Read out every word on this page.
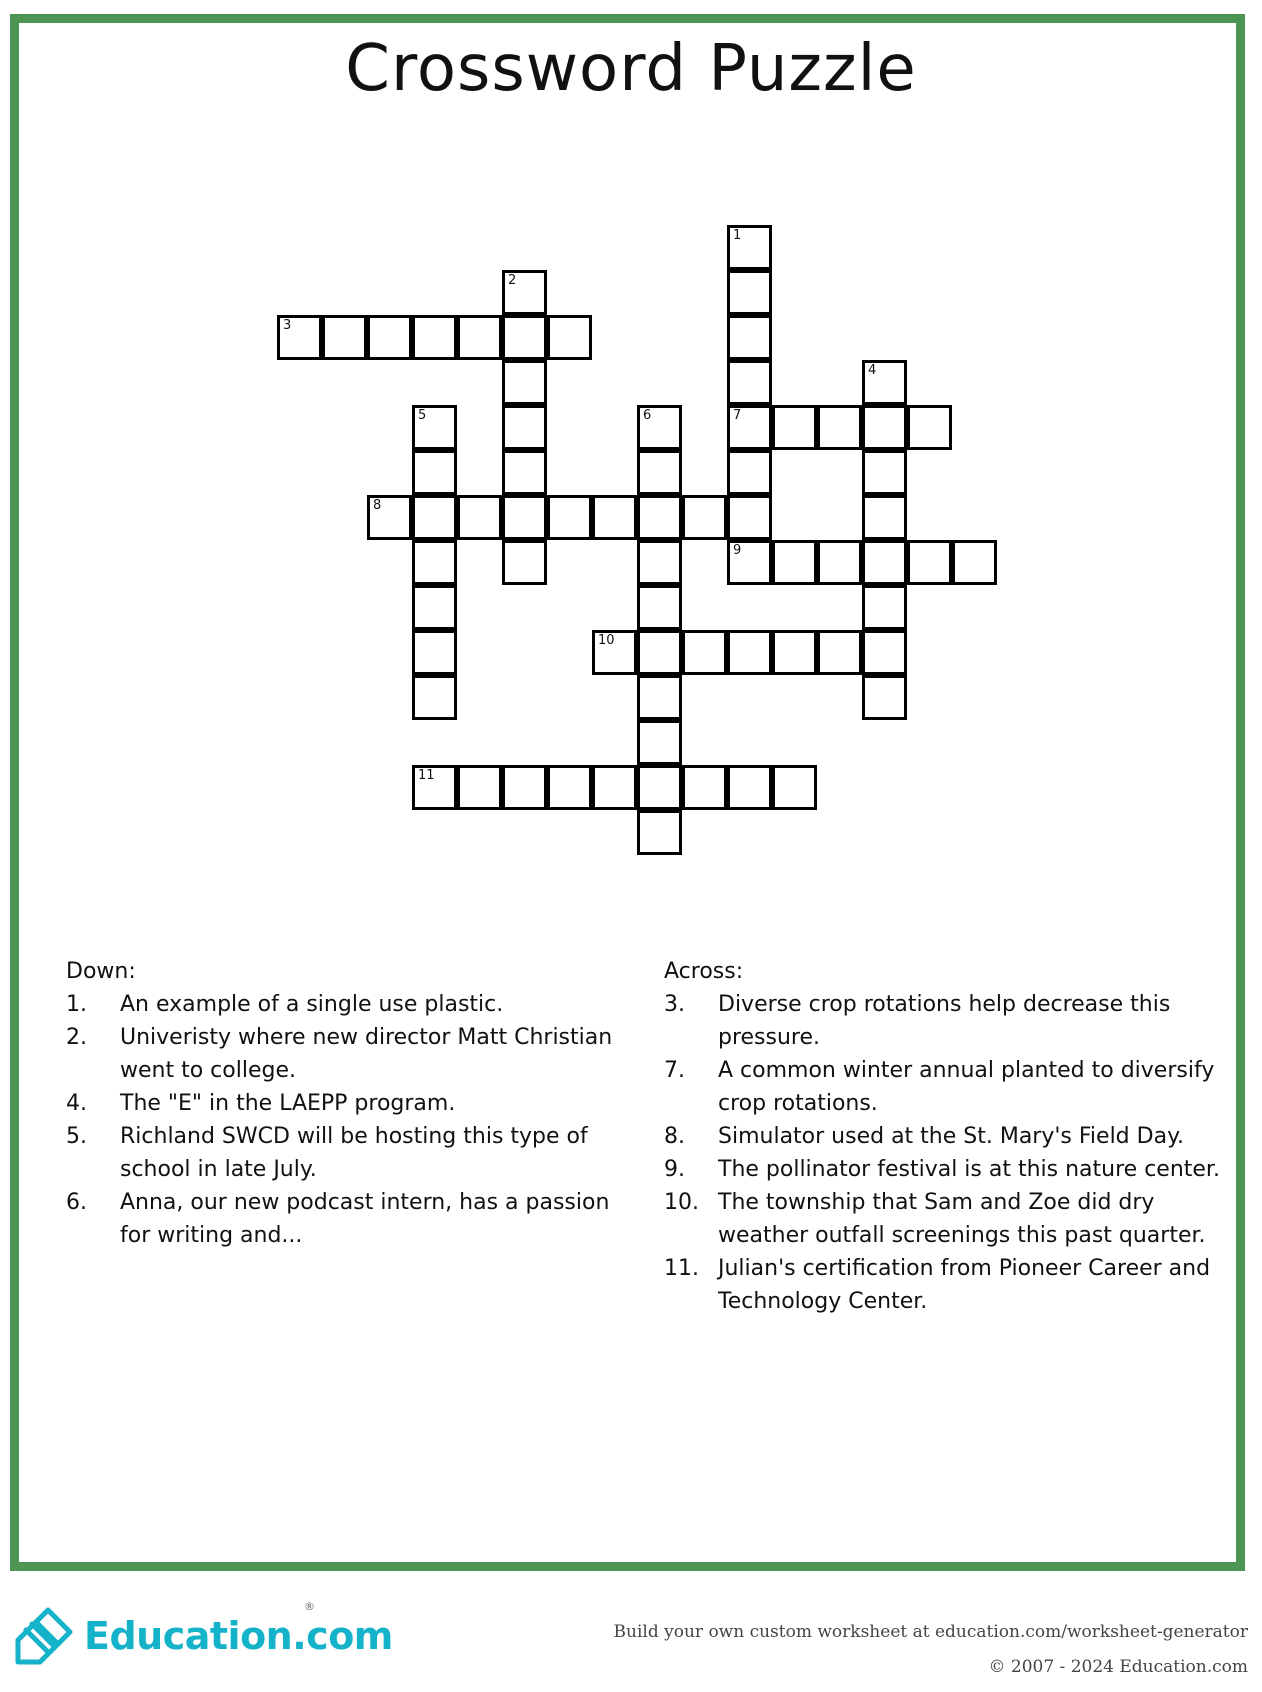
Crossword Puzzle
1
7
2
3
4
5	6
8
9
10
11
Down:
1.	An example of a single use plastic.
2.	Univeristy where new director Matt Christian went to college.
4.	The "E" in the LAEPP program.
5.	Richland SWCD will be hosting this type of school in late July.
6.	Anna, our new podcast intern, has a passion for writing and...
Across:
3.	Diverse crop rotations help decrease this pressure.
7.	A common winter annual planted to diversify crop rotations.
8.	Simulator used at the St. Mary's Field Day.
9.	The pollinator festival is at this nature center.
10. The township that Sam and Zoe did dry weather outfall screenings this past quarter.
11. Julian's certification from Pioneer Career and Technology Center.
Education.com
®
Build your own custom worksheet at education.com/worksheet-generator
© 2007 - 2024 Education.com
